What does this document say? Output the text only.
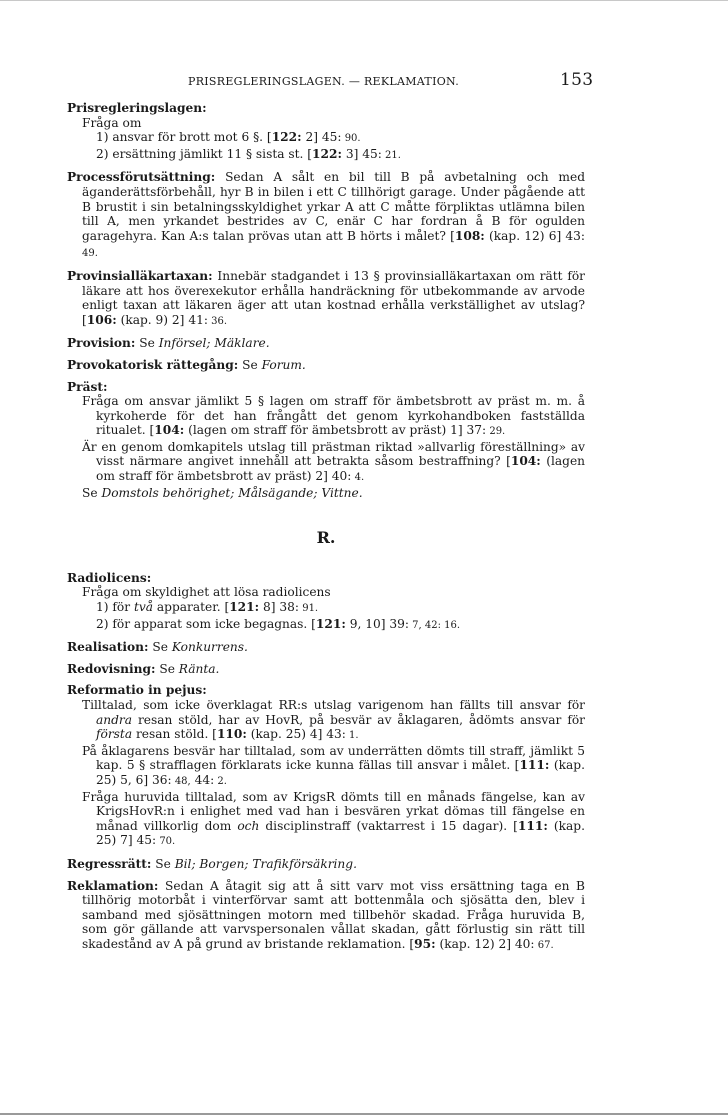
PRISREGLERINGSLAGEN. — REKLAMATION.	153
Prisregleringslagen:
Fråga om
1) ansvar för brott mot 6 §. [122: 2] 45: 90.
2) ersättning jämlikt 11 § sista st. [122: 3] 45: 21.
Processförutsättning: Sedan A sålt en bil till B på avbetalning och med äganderättsförbehåll, hyr B in bilen i ett C tillhörigt garage. Under pågående att B brustit i sin betalningsskyldighet yrkar A att C måtte förpliktas utlämna bilen till A, men yrkandet bestrides av C, enär C har fordran å B för ogulden garagehyra. Kan A:s talan prövas utan att B hörts i målet? [108: (kap. 12) 6] 43: 49.
Provinsialläkartaxan: Innebär stadgandet i 13 § provinsialläkartaxan om rätt för läkare att hos överexekutor erhålla handräckning för utbekommande av arvode enligt taxan att läkaren äger att utan kostnad erhålla verkställighet av utslag? [106: (kap. 9) 2] 41: 36.
Provision: Se Införsel; Mäklare.
Provokatorisk rättegång: Se Forum.
Präst:
Fråga om ansvar jämlikt 5 § lagen om straff för ämbetsbrott av präst m. m. å kyrkoherde för det han frångått det genom kyrkohandboken fastställda ritualet. [104: (lagen om straff för ämbetsbrott av präst) 1] 37: 29.
Är en genom domkapitels utslag till prästman riktad »allvarlig föreställning» av visst närmare angivet innehåll att betrakta såsom bestraffning? [104: (lagen om straff för ämbetsbrott av präst) 2] 40: 4.
Se Domstols behörighet; Målsägande; Vittne.
R.
Radiolicens:
Fråga om skyldighet att lösa radiolicens
1) för två apparater. [121: 8] 38: 91.
2) för apparat som icke begagnas. [121: 9, 10] 39: 7, 42: 16.
Realisation: Se Konkurrens.
Redovisning: Se Ränta.
Reformatio in pejus:
Tilltalad, som icke överklagat RR:s utslag varigenom han fällts till ansvar för andra resan stöld, har av HovR, på besvär av åklagaren, ådömts ansvar för första resan stöld. [110: (kap. 25) 4] 43: 1.
På åklagarens besvär har tilltalad, som av underrätten dömts till straff, jämlikt 5 kap. 5 § strafflagen förklarats icke kunna fällas till ansvar i målet. [111: (kap. 25) 5, 6] 36: 48, 44: 2.
Fråga huruvida tilltalad, som av KrigsR dömts till en månads fängelse, kan av KrigsHovR:n i enlighet med vad han i besvären yrkat dömas till fängelse en månad villkorlig dom och disciplinstraff (vaktarrest i 15 dagar). [111: (kap. 25) 7] 45: 70.
Regressrätt: Se Bil; Borgen; Trafikförsäkring.
Reklamation: Sedan A åtagit sig att å sitt varv mot viss ersättning taga en B tillhörig motorbåt i vinterförvar samt att bottenmåla och sjösätta den, blev i samband med sjösättningen motorn med tillbehör skadad. Fråga huruvida B, som gör gällande att varvspersonalen vållat skadan, gått förlustig sin rätt till skadestånd av A på grund av bristande reklamation. [95: (kap. 12) 2] 40: 67.
